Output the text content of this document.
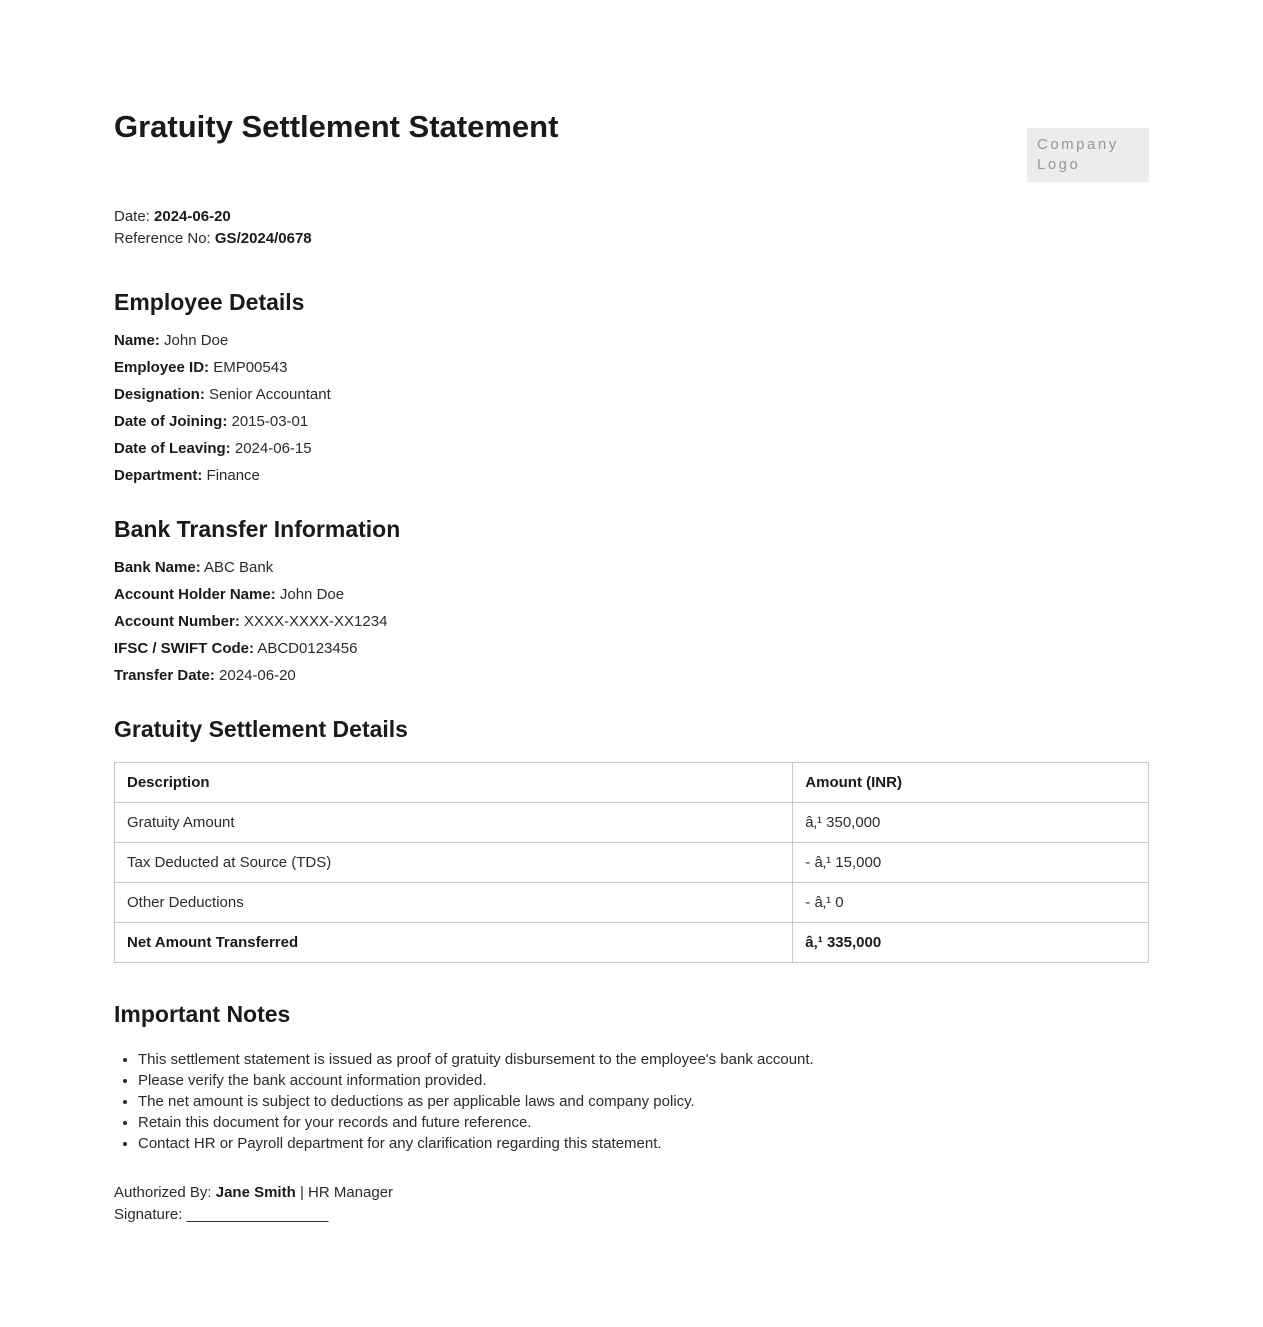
Gratuity Settlement Statement
Company
Logo

Date: 2024-06-20

Reference No: GS/2024/0678

Employee Details

Name: John Doe

Employee ID: EMP00543

Designation: Senior Accountant

Date of Joining: 2015-03-01

Date of Leaving: 2024-06-15

Department: Finance

Bank Transfer Information

Bank Name: ABC Bank

Account Holder Name: John Doe

Account Number: XXXX-XXXX-XX1234

IFSC / SWIFT Code: ABCD0123456

Transfer Date: 2024-06-20

Gratuity Settlement Details
Description	Amount (INR)
Gratuity Amount	â‚¹ 350,000
Tax Deducted at Source (TDS)	- â‚¹ 15,000
Other Deductions	- â‚¹ 0
Net Amount Transferred	â‚¹ 335,000
Important Notes
• This settlement statement is issued as proof of gratuity disbursement to the employee's bank account.
• Please verify the bank account information provided.
• The net amount is subject to deductions as per applicable laws and company policy.
• Retain this document for your records and future reference.
• Contact HR or Payroll department for any clarification regarding this statement.

Authorized By: Jane Smith | HR Manager

Signature: _________________
